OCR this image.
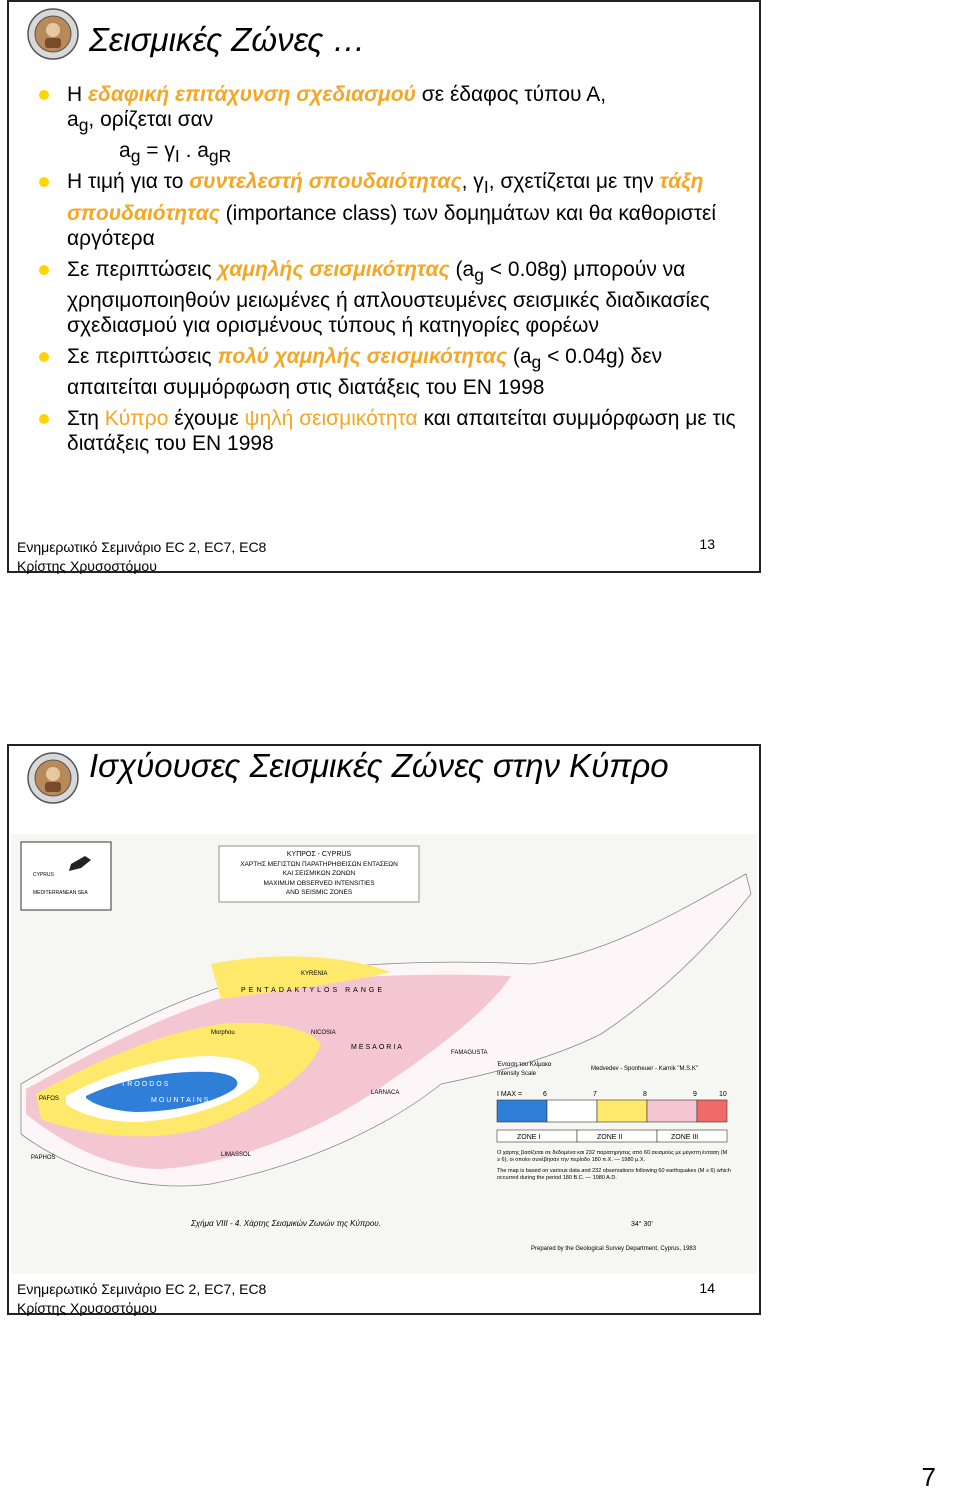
Σεισμικές Ζώνες …
Η εδαφική επιτάχυνση σχεδιασμού σε έδαφος τύπου Α,
$a_g$, ορίζεται σαν
$a_g = \gamma_I$ . $a_{gR}$
Η τιμή για το συντελεστή σπουδαιότητας, $\gamma_I$, σχετίζεται με την τάξη σπουδαιότητας (importance class) των δομημάτων και θα καθοριστεί αργότερα
Σε περιπτώσεις χαμηλής σεισμικότητας $(a_g < 0.08g)$ μπορούν να χρησιμοποιηθούν μειωμένες ή απλουστευμένες σεισμικές διαδικασίες σχεδιασμού για ορισμένους τύπους ή κατηγορίες φορέων
Σε περιπτώσεις πολύ χαμηλής σεισμικότητας $(a_g < 0.04g)$ δεν απαιτείται συμμόρφωση στις διατάξεις του EN 1998
Στη Κύπρο έχουμε ψηλή σεισμικότητα και απαιτείται συμμόρφωση με τις διατάξεις του EN 1998
Ενημερωτικό Σεμινάριο EC 2, EC7, EC8
Κρίστης Χρυσοστόμου
13
Ισχύουσες Σεισμικές Ζώνες στην Κύπρο
CYPRUS
MEDITERRANEAN SEA
ΚΥΠΡΟΣ - CYPRUS
ΧΑΡΤΗΣ ΜΕΓΙΣΤΩΝ ΠΑΡΑΤΗΡΗΘΕΙΣΩΝ ΕΝΤΑΣΕΩΝ
ΚΑΙ ΣΕΙΣΜΙΚΩΝ ΖΩΝΩΝ
MAXIMUM OBSERVED INTENSITIES
AND SEISMIC ZONES
KYRENIA
PENTADAKTYLOS RANGE
Morphou	NICOSIA
MESAORIA
FAMAGUSTA
PAFOS
TROODOS
MOUNTAINS
LARNACA
LIMASSOL
PAPHOS
Ένταση του Κλίμακα
Intensity Scale
Medvedev - Sponheuer - Karnik "M.S.K"
I MAX =	6	7	8	9	10
ZONE I	ZONE II	ZONE III
Ο χάρτης βασίζεται σε δεδομένα και 232 παρατηρήσεις από 60 σεισμούς με μέγιστη ένταση (Μ ≥ 6), οι οποίοι συνέβησαν την περίοδο 180 π.Χ. — 1980 μ.Χ.
The map is based on various data and 232 observations following 60 earthquakes (M ≥ 6) which occurred during the period 180 B.C. — 1980 A.D.
Σχήμα VIII - 4. Χάρτης Σεισμικών Ζωνών της Κύπρου.	34° 30'
Prepared by the Geological Survey Department, Cyprus, 1983
Ενημερωτικό Σεμινάριο EC 2, EC7, EC8
Κρίστης Χρυσοστόμου
14
7
